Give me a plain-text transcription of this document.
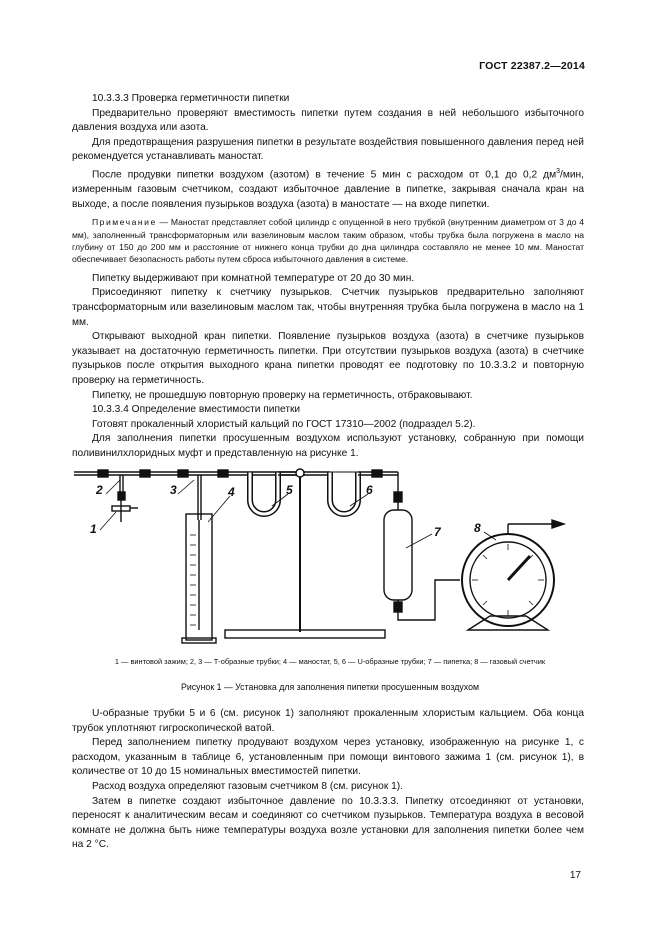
ГОСТ 22387.2—2014

10.3.3.3 Проверка герметичности пипетки

Предварительно проверяют вместимость пипетки путем создания в ней небольшого избыточного давления воздуха или азота.

Для предотвращения разрушения пипетки в результате воздействия повышенного давления перед ней рекомендуется устанавливать маностат.

После продувки пипетки воздухом (азотом) в течение 5 мин с расходом от 0,1 до 0,2 $дм^3$/мин, измеренным газовым счетчиком, создают избыточное давление в пипетке, закрывая сначала кран на выходе, а после появления пузырьков воздуха (азота) в маностате — на входе пипетки.

Примечание — Маностат представляет собой цилиндр с опущенной в него трубкой (внутренним диаметром от 3 до 4 мм), заполненный трансформаторным или вазелиновым маслом таким образом, чтобы трубка была погружена в масло на глубину от 150 до 200 мм и расстояние от нижнего конца трубки до дна цилиндра составляло не менее 10 мм. Маностат обеспечивает безопасность работы путем сброса избыточного давления в системе.

Пипетку выдерживают при комнатной температуре от 20 до 30 мин.

Присоединяют пипетку к счетчику пузырьков. Счетчик пузырьков предварительно заполняют трансформаторным или вазелиновым маслом так, чтобы внутренняя трубка была погружена в масло на 1 мм.

Открывают выходной кран пипетки. Появление пузырьков воздуха (азота) в счетчике пузырьков указывает на достаточную герметичность пипетки. При отсутствии пузырьков воздуха (азота) в счетчике пузырьков после открытия выходного крана пипетки проводят ее подготовку по 10.3.3.2 и повторную проверку на герметичность.

Пипетку, не прошедшую повторную проверку на герметичность, отбраковывают.

10.3.3.4 Определение вместимости пипетки

Готовят прокаленный хлористый кальций по ГОСТ 17310—2002 (подраздел 5.2).

Для заполнения пипетки просушенным воздухом используют установку, собранную при помощи поливинилхлоридных муфт и представленную на рисунке 1.

1
2	3	4	5	6
7	8
1 — винтовой зажим; 2, 3 — Т-образные трубки; 4 — маностат, 5, 6 — U-образные трубки; 7 — пипетка; 8 — газовый счетчик
Рисунок 1 — Установка для заполнения пипетки просушенным воздухом

U-образные трубки 5 и 6 (см. рисунок 1) заполняют прокаленным хлористым кальцием. Оба конца трубок уплотняют гигроскопической ватой.

Перед заполнением пипетку продувают воздухом через установку, изображенную на рисунке 1, с расходом, указанным в таблице 6, установленным при помощи винтового зажима 1 (см. рисунок 1), в количестве от 10 до 15 номинальных вместимостей пипетки.

Расход воздуха определяют газовым счетчиком 8 (см. рисунок 1).

Затем в пипетке создают избыточное давление по 10.3.3.3. Пипетку отсоединяют от установки, переносят к аналитическим весам и соединяют со счетчиком пузырьков. Температура воздуха в весовой комнате не должна быть ниже температуры воздуха возле установки для заполнения пипетки более чем на 2 °С.

17
